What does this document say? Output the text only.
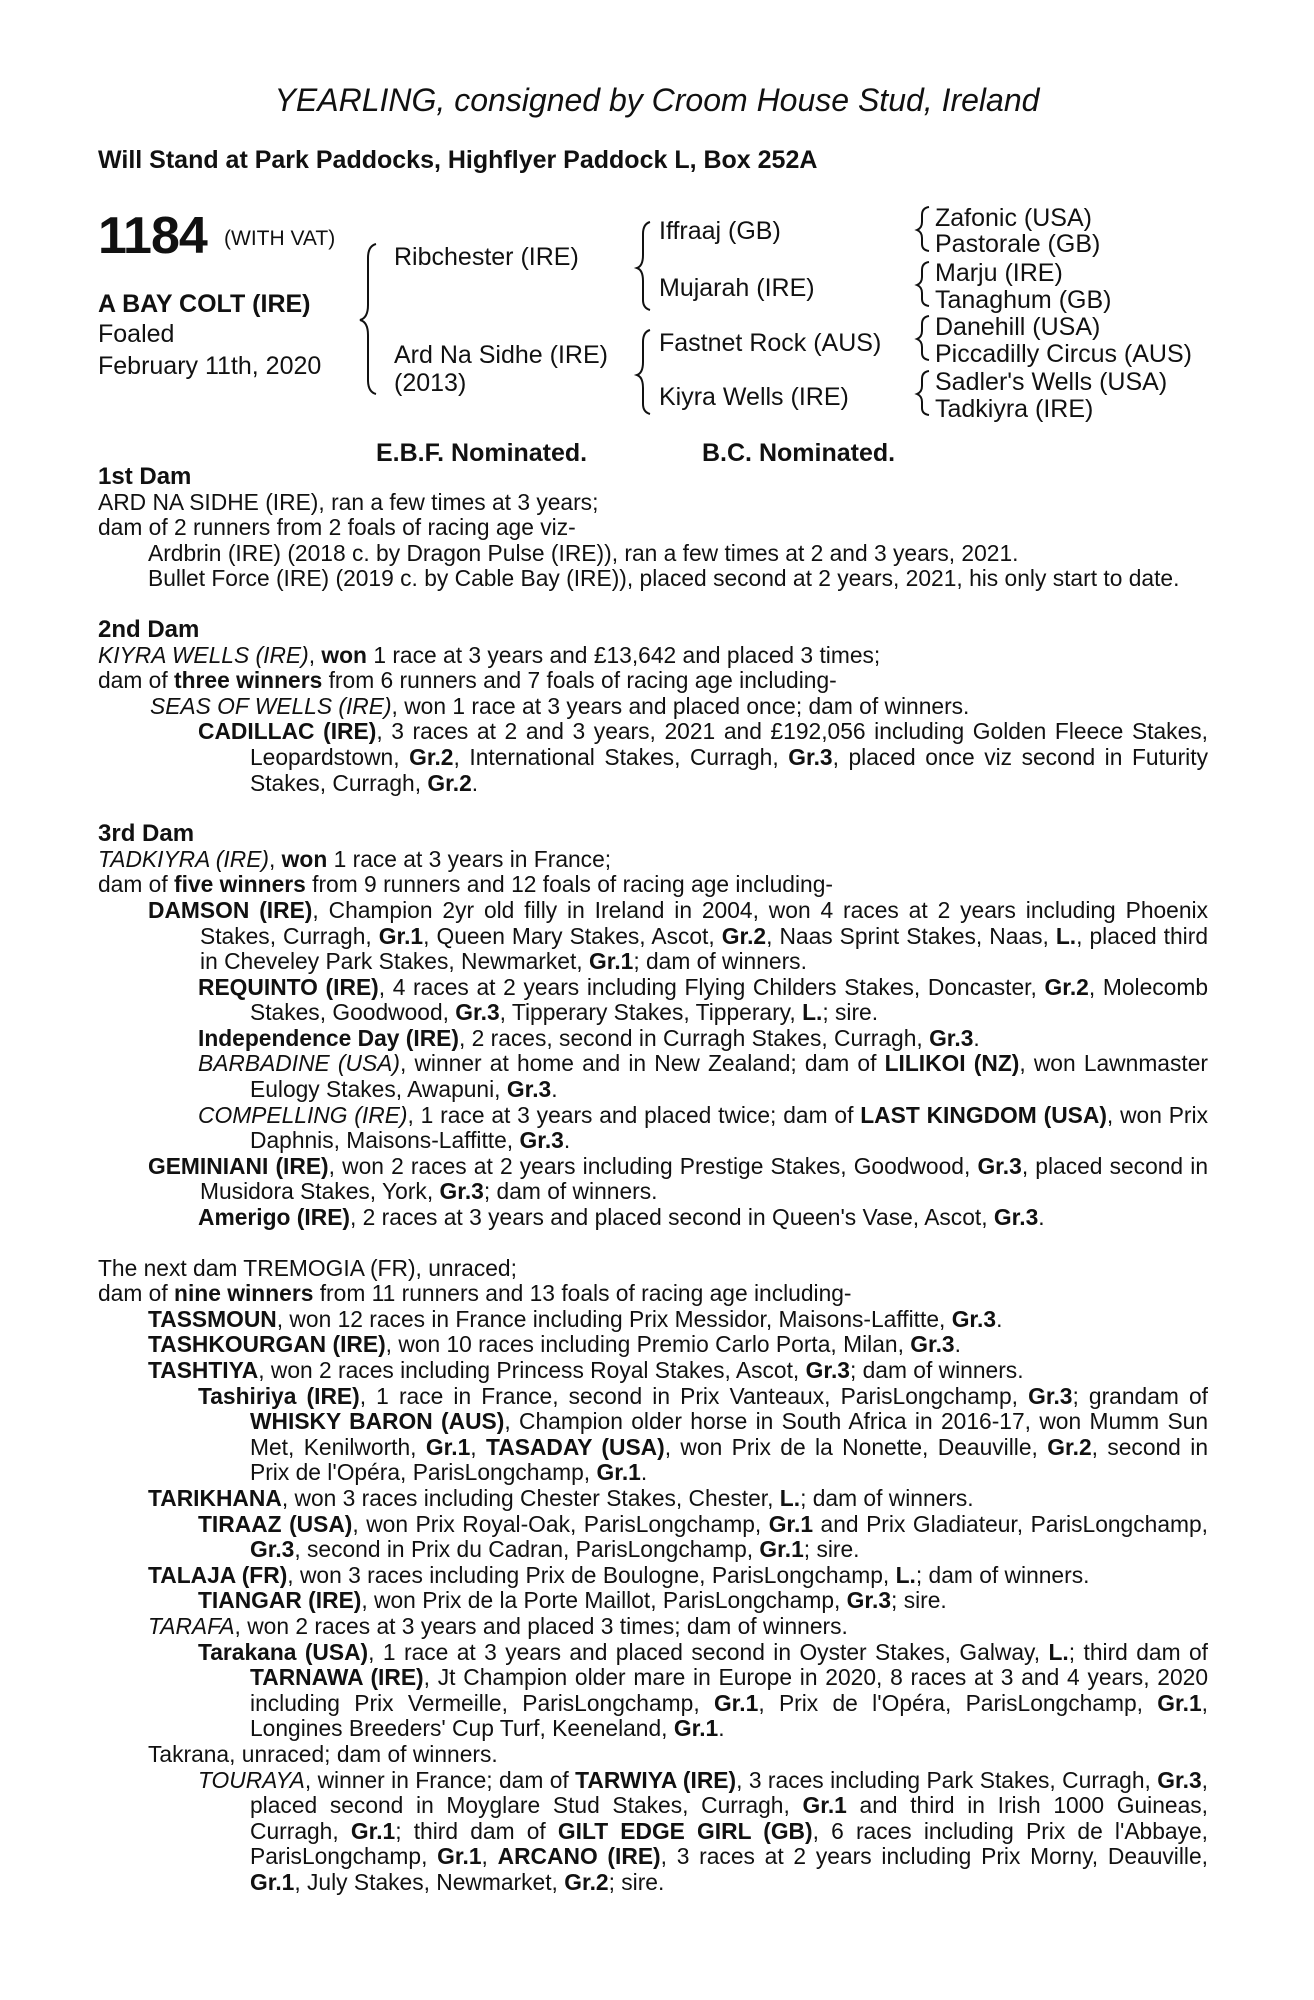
YEARLING, consigned by Croom House Stud, Ireland
Will Stand at Park Paddocks, Highflyer Paddock L, Box 252A
1184 (WITH VAT)
A BAY COLT (IRE)
Foaled
February 11th, 2020
Ribchester (IRE)
Ard Na Sidhe (IRE)
(2013)
Iffraaj (GB)
Mujarah (IRE)
Fastnet Rock (AUS)
Kiyra Wells (IRE)
Zafonic (USA)
Pastorale (GB)
Marju (IRE)
Tanaghum (GB)
Danehill (USA)
Piccadilly Circus (AUS)
Sadler's Wells (USA)
Tadkiyra (IRE)
E.B.F. Nominated.	B.C. Nominated.

1st Dam

ARD NA SIDHE (IRE), ran a few times at 3 years;

dam of 2 runners from 2 foals of racing age viz-

Ardbrin (IRE) (2018 c. by Dragon Pulse (IRE)), ran a few times at 2 and 3 years, 2021.

Bullet Force (IRE) (2019 c. by Cable Bay (IRE)), placed second at 2 years, 2021, his only start to date.

2nd Dam

KIYRA WELLS (IRE), won 1 race at 3 years and £13,642 and placed 3 times;

dam of three winners from 6 runners and 7 foals of racing age including-

SEAS OF WELLS (IRE), won 1 race at 3 years and placed once; dam of winners.

CADILLAC (IRE), 3 races at 2 and 3 years, 2021 and £192,056 including Golden Fleece Stakes, Leopardstown, Gr.2, International Stakes, Curragh, Gr.3, placed once viz second in Futurity Stakes, Curragh, Gr.2.

3rd Dam

TADKIYRA (IRE), won 1 race at 3 years in France;

dam of five winners from 9 runners and 12 foals of racing age including-

DAMSON (IRE), Champion 2yr old filly in Ireland in 2004, won 4 races at 2 years including Phoenix Stakes, Curragh, Gr.1, Queen Mary Stakes, Ascot, Gr.2, Naas Sprint Stakes, Naas, L., placed third in Cheveley Park Stakes, Newmarket, Gr.1; dam of winners.

REQUINTO (IRE), 4 races at 2 years including Flying Childers Stakes, Doncaster, Gr.2, Molecomb Stakes, Goodwood, Gr.3, Tipperary Stakes, Tipperary, L.; sire.

Independence Day (IRE), 2 races, second in Curragh Stakes, Curragh, Gr.3.

BARBADINE (USA), winner at home and in New Zealand; dam of LILIKOI (NZ), won Lawnmaster Eulogy Stakes, Awapuni, Gr.3.

COMPELLING (IRE), 1 race at 3 years and placed twice; dam of LAST KINGDOM (USA), won Prix Daphnis, Maisons-Laffitte, Gr.3.

GEMINIANI (IRE), won 2 races at 2 years including Prestige Stakes, Goodwood, Gr.3, placed second in Musidora Stakes, York, Gr.3; dam of winners.

Amerigo (IRE), 2 races at 3 years and placed second in Queen's Vase, Ascot, Gr.3.

The next dam TREMOGIA (FR), unraced;

dam of nine winners from 11 runners and 13 foals of racing age including-

TASSMOUN, won 12 races in France including Prix Messidor, Maisons-Laffitte, Gr.3.

TASHKOURGAN (IRE), won 10 races including Premio Carlo Porta, Milan, Gr.3.

TASHTIYA, won 2 races including Princess Royal Stakes, Ascot, Gr.3; dam of winners.

Tashiriya (IRE), 1 race in France, second in Prix Vanteaux, ParisLongchamp, Gr.3; grandam of WHISKY BARON (AUS), Champion older horse in South Africa in 2016-17, won Mumm Sun Met, Kenilworth, Gr.1, TASADAY (USA), won Prix de la Nonette, Deauville, Gr.2, second in Prix de l'Opéra, ParisLongchamp, Gr.1.

TARIKHANA, won 3 races including Chester Stakes, Chester, L.; dam of winners.

TIRAAZ (USA), won Prix Royal-Oak, ParisLongchamp, Gr.1 and Prix Gladiateur, ParisLongchamp, Gr.3, second in Prix du Cadran, ParisLongchamp, Gr.1; sire.

TALAJA (FR), won 3 races including Prix de Boulogne, ParisLongchamp, L.; dam of winners.

TIANGAR (IRE), won Prix de la Porte Maillot, ParisLongchamp, Gr.3; sire.

TARAFA, won 2 races at 3 years and placed 3 times; dam of winners.

Tarakana (USA), 1 race at 3 years and placed second in Oyster Stakes, Galway, L.; third dam of TARNAWA (IRE), Jt Champion older mare in Europe in 2020, 8 races at 3 and 4 years, 2020 including Prix Vermeille, ParisLongchamp, Gr.1, Prix de l'Opéra, ParisLongchamp, Gr.1, Longines Breeders' Cup Turf, Keeneland, Gr.1.

Takrana, unraced; dam of winners.

TOURAYA, winner in France; dam of TARWIYA (IRE), 3 races including Park Stakes, Curragh, Gr.3, placed second in Moyglare Stud Stakes, Curragh, Gr.1 and third in Irish 1000 Guineas, Curragh, Gr.1; third dam of GILT EDGE GIRL (GB), 6 races including Prix de l'Abbaye, ParisLongchamp, Gr.1, ARCANO (IRE), 3 races at 2 years including Prix Morny, Deauville, Gr.1, July Stakes, Newmarket, Gr.2; sire.
